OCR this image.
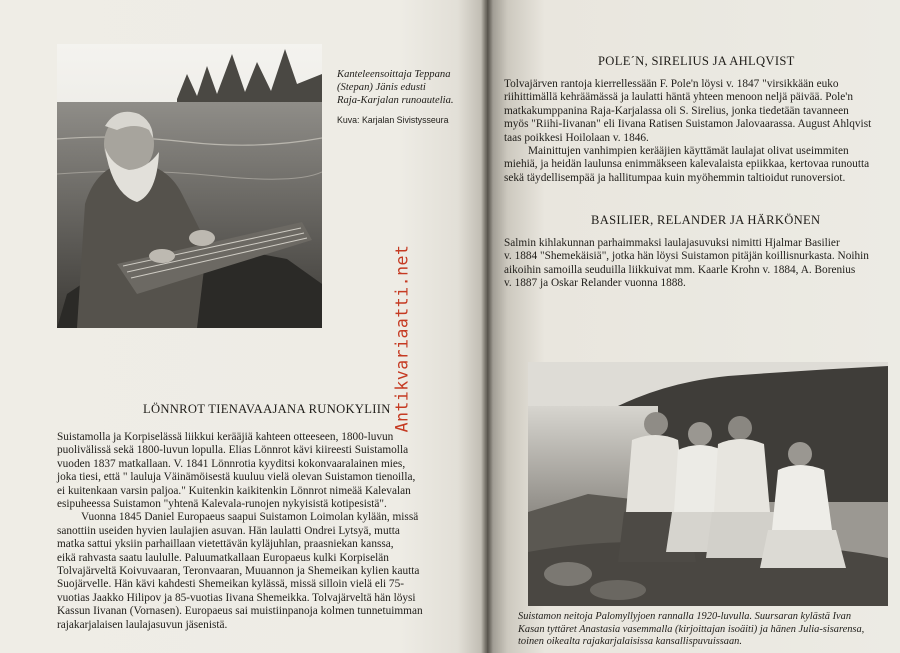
Kanteleensoittaja Teppana
(Stepan) Jänis edusti
Raja-Karjalan runoautelia.
Kuva: Karjalan Sivistysseura
Antikvariaatti.net
LÖNNROT TIENAVAAJANA RUNOKYLIIN
Suistamolla ja Korpiselässä liikkui kerääjiä kahteen otteeseen, 1800-luvun
puolivälissä sekä 1800-luvun lopulla. Elias Lönnrot kävi kiireesti Suistamolla
vuoden 1837 matkallaan. V. 1841 Lönnrotia kyyditsi kokonvaaralainen mies,
joka tiesi, että " lauluja Väinämöisestä kuuluu vielä olevan Suistamon tienoilla,
ei kuitenkaan varsin paljoa." Kuitenkin kaikitenkin Lönnrot nimeää Kalevalan
esipuheessa Suistamon "yhtenä Kalevala-runojen nykyisistä kotipesistä".
Vuonna 1845 Daniel Europaeus saapui Suistamon Loimolan kylään, missä
sanottiin useiden hyvien laulajien asuvan. Hän laulatti Ondrei Lytsyä, mutta
matka sattui yksiin parhaillaan vietettävän kyläjuhlan, praasniekan kanssa,
eikä rahvasta saatu laululle. Paluumatkallaan Europaeus kulki Korpiselän
Tolvajärveltä Koivuvaaran, Teronvaaran, Muuannon ja Shemeikan kylien kautta
Suojärvelle. Hän kävi kahdesti Shemeikan kylässä, missä silloin vielä eli 75-
vuotias Jaakko Hilipov ja 85-vuotias Iivana Shemeikka. Tolvajärveltä hän löysi
Kassun Iivanan (Vornasen). Europaeus sai muistiinpanoja kolmen tunnetuimman
rajakarjalaisen laulajasuvun jäsenistä.
POLE´N, SIRELIUS JA AHLQVIST
Tolvajärven rantoja kierrellessään F. Pole'n löysi v. 1847 "virsikkään euko
riihittimällä kehräämässä ja laulatti häntä yhteen menoon neljä päivää. Pole'n
matkakumppanina Raja-Karjalassa oli S. Sirelius, jonka tiedetään tavanneen
myös "Riihi-Iivanan" eli Iivana Ratisen Suistamon Jalovaarassa. August Ahlqvist
taas poikkesi Hoilolaan v. 1846.
Mainittujen vanhimpien kerääjien käyttämät laulajat olivat useimmiten
miehiä, ja heidän laulunsa enimmäkseen kalevalaista epiikkaa, kertovaa runoutta
sekä täydellisempää ja hallitumpaa kuin myöhemmin taltioidut runoversiot.
BASILIER, RELANDER JA HÄRKÖNEN
Salmin kihlakunnan parhaimmaksi laulajasuvuksi nimitti Hjalmar Basilier
v. 1884 "Shemekäisiä", jotka hän löysi Suistamon pitäjän koillisnurkasta. Noihin
aikoihin samoilla seuduilla liikkuivat mm. Kaarle Krohn v. 1884, A. Borenius
v. 1887 ja Oskar Relander vuonna 1888.
Suistamon neitoja Palomyllyjoen rannalla 1920-luvulla. Suursaran kylästä Ivan
Kasan tyttäret Anastasia vasemmalla (kirjoittajan isoäiti) ja hänen Julia-sisarensa,
toinen oikealta rajakarjalaisissa kansallispuvuissaan.
